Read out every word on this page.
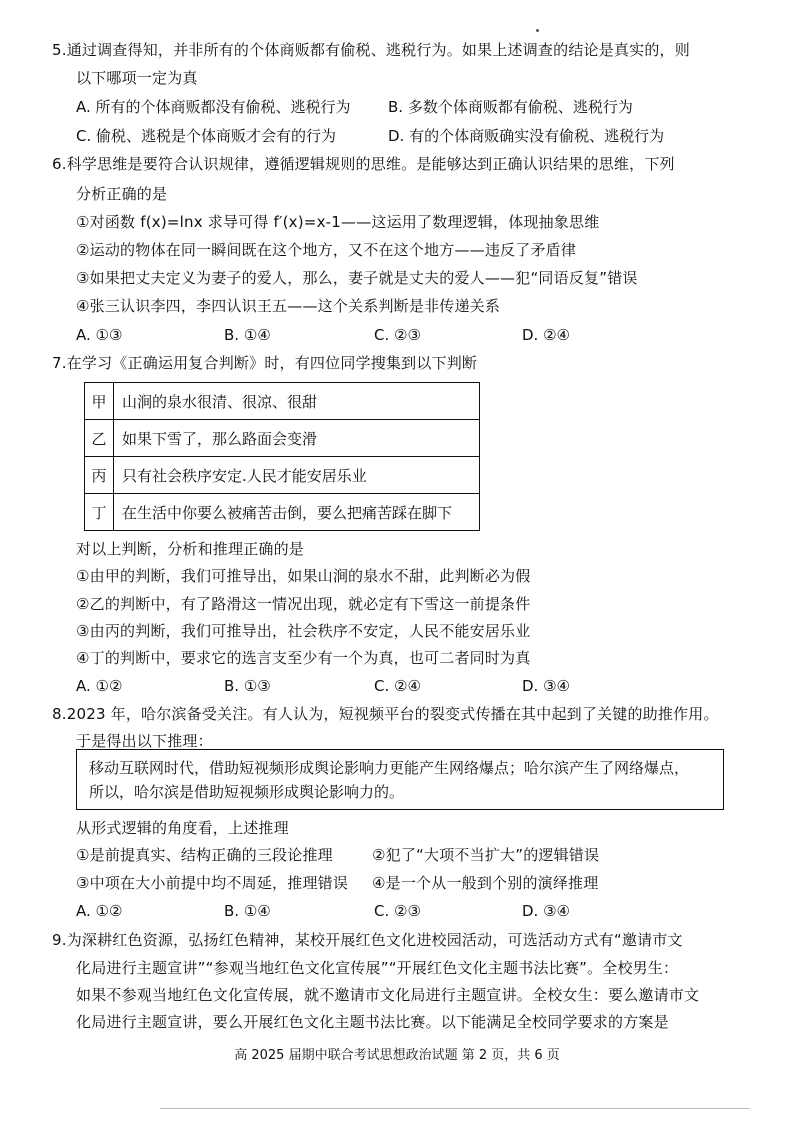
5.通过调查得知，并非所有的个体商贩都有偷税、逃税行为。如果上述调查的结论是真实的，则
以下哪项一定为真
A. 所有的个体商贩都没有偷税、逃税行为 B. 多数个体商贩都有偷税、逃税行为
C. 偷税、逃税是个体商贩才会有的行为	D. 有的个体商贩确实没有偷税、逃税行为
6.科学思维是要符合认识规律，遵循逻辑规则的思维。是能够达到正确认识结果的思维，下列
分析正确的是
①对函数 f(x)=lnx 求导可得 f′(x)=x-1——这运用了数理逻辑，体现抽象思维
②运动的物体在同一瞬间既在这个地方，又不在这个地方——违反了矛盾律
③如果把丈夫定义为妻子的爱人，那么，妻子就是丈夫的爱人——犯“同语反复”错误
④张三认识李四，李四认识王五——这个关系判断是非传递关系
A. ①③	B. ①④	C. ②③	D. ②④
7.在学习《正确运用复合判断》时，有四位同学搜集到以下判断
甲	山涧的泉水很清、很凉、很甜
乙	如果下雪了，那么路面会变滑
丙	只有社会秩序安定.人民才能安居乐业
丁	在生活中你要么被痛苦击倒，要么把痛苦踩在脚下
对以上判断，分析和推理正确的是
①由甲的判断，我们可推导出，如果山涧的泉水不甜，此判断必为假
②乙的判断中，有了路滑这一情况出现，就必定有下雪这一前提条件
③由丙的判断，我们可推导出，社会秩序不安定，人民不能安居乐业
④丁的判断中，要求它的选言支至少有一个为真，也可二者同时为真
A. ①②	B. ①③	C. ②④	D. ③④
8.2023 年，哈尔滨备受关注。有人认为，短视频平台的裂变式传播在其中起到了关键的助推作用。
于是得出以下推理：
移动互联网时代，借助短视频形成舆论影响力更能产生网络爆点；哈尔滨产生了网络爆点，
所以，哈尔滨是借助短视频形成舆论影响力的。
从形式逻辑的角度看，上述推理
①是前提真实、结构正确的三段论推理	②犯了“大项不当扩大”的逻辑错误
③中项在大小前提中均不周延，推理错误 ④是一个从一般到个别的演绎推理
A. ①②	B. ①④	C. ②③	D. ③④
9.为深耕红色资源，弘扬红色精神，某校开展红色文化进校园活动，可选活动方式有“邀请市文
化局进行主题宣讲”“参观当地红色文化宣传展”“开展红色文化主题书法比赛”。全校男生：
如果不参观当地红色文化宣传展，就不邀请市文化局进行主题宣讲。全校女生：要么邀请市文
化局进行主题宣讲，要么开展红色文化主题书法比赛。以下能满足全校同学要求的方案是
高 2025 届期中联合考试思想政治试题 第 2 页，共 6 页
